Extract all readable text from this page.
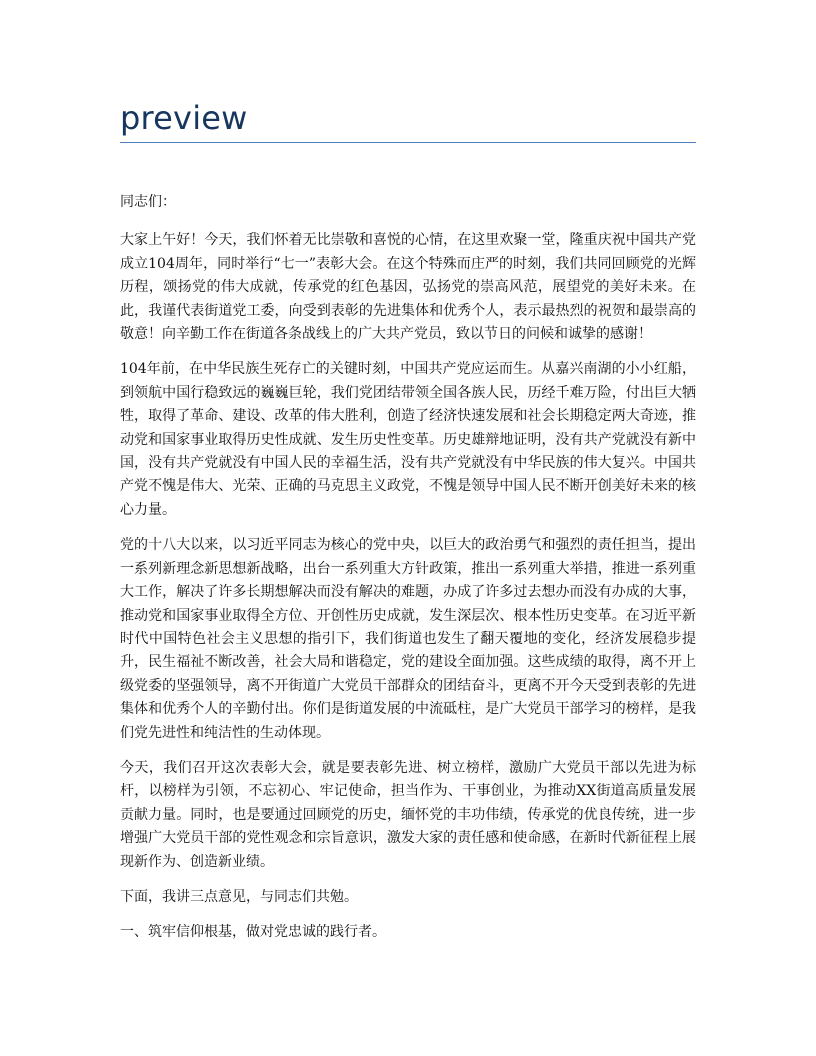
preview

同志们：

大家上午好！今天，我们怀着无比崇敬和喜悦的心情，在这里欢聚一堂，隆重庆祝中国共产党成立104周年，同时举行“七一”表彰大会。在这个特殊而庄严的时刻，我们共同回顾党的光辉历程，颂扬党的伟大成就，传承党的红色基因，弘扬党的崇高风范，展望党的美好未来。在此，我谨代表街道党工委，向受到表彰的先进集体和优秀个人，表示最热烈的祝贺和最崇高的敬意！向辛勤工作在街道各条战线上的广大共产党员，致以节日的问候和诚挚的感谢！

104年前，在中华民族生死存亡的关键时刻，中国共产党应运而生。从嘉兴南湖的小小红船，到领航中国行稳致远的巍巍巨轮，我们党团结带领全国各族人民，历经千难万险，付出巨大牺牲，取得了革命、建设、改革的伟大胜利，创造了经济快速发展和社会长期稳定两大奇迹，推动党和国家事业取得历史性成就、发生历史性变革。历史雄辩地证明，没有共产党就没有新中国，没有共产党就没有中国人民的幸福生活，没有共产党就没有中华民族的伟大复兴。中国共产党不愧是伟大、光荣、正确的马克思主义政党，不愧是领导中国人民不断开创美好未来的核心力量。

党的十八大以来，以习近平同志为核心的党中央，以巨大的政治勇气和强烈的责任担当，提出一系列新理念新思想新战略，出台一系列重大方针政策，推出一系列重大举措，推进一系列重大工作，解决了许多长期想解决而没有解决的难题，办成了许多过去想办而没有办成的大事，推动党和国家事业取得全方位、开创性历史成就，发生深层次、根本性历史变革。在习近平新时代中国特色社会主义思想的指引下，我们街道也发生了翻天覆地的变化，经济发展稳步提升，民生福祉不断改善，社会大局和谐稳定，党的建设全面加强。这些成绩的取得，离不开上级党委的坚强领导，离不开街道广大党员干部群众的团结奋斗，更离不开今天受到表彰的先进集体和优秀个人的辛勤付出。你们是街道发展的中流砥柱，是广大党员干部学习的榜样，是我们党先进性和纯洁性的生动体现。

今天，我们召开这次表彰大会，就是要表彰先进、树立榜样，激励广大党员干部以先进为标杆，以榜样为引领，不忘初心、牢记使命，担当作为、干事创业，为推动XX街道高质量发展贡献力量。同时，也是要通过回顾党的历史，缅怀党的丰功伟绩，传承党的优良传统，进一步增强广大党员干部的党性观念和宗旨意识，激发大家的责任感和使命感，在新时代新征程上展现新作为、创造新业绩。

下面，我讲三点意见，与同志们共勉。

一、筑牢信仰根基，做对党忠诚的践行者。
